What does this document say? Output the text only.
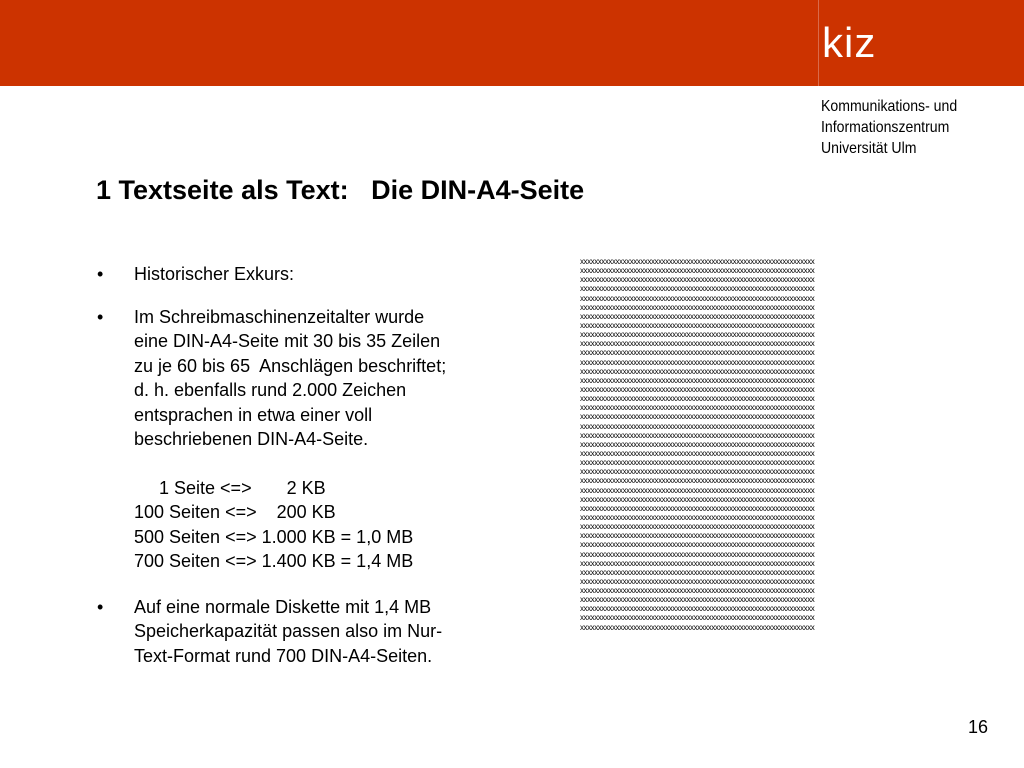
kiz
Kommunikations- und
Informationszentrum
Universität Ulm
1 Textseite als Text:   Die DIN-A4-Seite
• Historischer Exkurs:
• Im Schreibmaschinenzeitalter wurde
eine DIN-A4-Seite mit 30 bis 35 Zeilen
zu je 60 bis 65  Anschlägen beschriftet;
d. h. ebenfalls rund 2.000 Zeichen
entsprachen in etwa einer voll
beschriebenen DIN-A4-Seite.
1 Seite <=>       2 KB
100 Seiten <=>    200 KB
500 Seiten <=> 1.000 KB = 1,0 MB
700 Seiten <=> 1.400 KB = 1,4 MB
• Auf eine normale Diskette mit 1,4 MB
Speicherkapazität passen also im Nur-
Text-Format rund 700 DIN-A4-Seiten.
xxxxxxxxxxxxxxxxxxxxxxxxxxxxxxxxxxxxxxxxxxxxxxxxxxxxxxxxxxxxxxxxxx
xxxxxxxxxxxxxxxxxxxxxxxxxxxxxxxxxxxxxxxxxxxxxxxxxxxxxxxxxxxxxxxxxx
xxxxxxxxxxxxxxxxxxxxxxxxxxxxxxxxxxxxxxxxxxxxxxxxxxxxxxxxxxxxxxxxxx
xxxxxxxxxxxxxxxxxxxxxxxxxxxxxxxxxxxxxxxxxxxxxxxxxxxxxxxxxxxxxxxxxx
xxxxxxxxxxxxxxxxxxxxxxxxxxxxxxxxxxxxxxxxxxxxxxxxxxxxxxxxxxxxxxxxxx
xxxxxxxxxxxxxxxxxxxxxxxxxxxxxxxxxxxxxxxxxxxxxxxxxxxxxxxxxxxxxxxxxx
xxxxxxxxxxxxxxxxxxxxxxxxxxxxxxxxxxxxxxxxxxxxxxxxxxxxxxxxxxxxxxxxxx
xxxxxxxxxxxxxxxxxxxxxxxxxxxxxxxxxxxxxxxxxxxxxxxxxxxxxxxxxxxxxxxxxx
xxxxxxxxxxxxxxxxxxxxxxxxxxxxxxxxxxxxxxxxxxxxxxxxxxxxxxxxxxxxxxxxxx
xxxxxxxxxxxxxxxxxxxxxxxxxxxxxxxxxxxxxxxxxxxxxxxxxxxxxxxxxxxxxxxxxx
xxxxxxxxxxxxxxxxxxxxxxxxxxxxxxxxxxxxxxxxxxxxxxxxxxxxxxxxxxxxxxxxxx
xxxxxxxxxxxxxxxxxxxxxxxxxxxxxxxxxxxxxxxxxxxxxxxxxxxxxxxxxxxxxxxxxx
xxxxxxxxxxxxxxxxxxxxxxxxxxxxxxxxxxxxxxxxxxxxxxxxxxxxxxxxxxxxxxxxxx
xxxxxxxxxxxxxxxxxxxxxxxxxxxxxxxxxxxxxxxxxxxxxxxxxxxxxxxxxxxxxxxxxx
xxxxxxxxxxxxxxxxxxxxxxxxxxxxxxxxxxxxxxxxxxxxxxxxxxxxxxxxxxxxxxxxxx
xxxxxxxxxxxxxxxxxxxxxxxxxxxxxxxxxxxxxxxxxxxxxxxxxxxxxxxxxxxxxxxxxx
xxxxxxxxxxxxxxxxxxxxxxxxxxxxxxxxxxxxxxxxxxxxxxxxxxxxxxxxxxxxxxxxxx
xxxxxxxxxxxxxxxxxxxxxxxxxxxxxxxxxxxxxxxxxxxxxxxxxxxxxxxxxxxxxxxxxx
xxxxxxxxxxxxxxxxxxxxxxxxxxxxxxxxxxxxxxxxxxxxxxxxxxxxxxxxxxxxxxxxxx
xxxxxxxxxxxxxxxxxxxxxxxxxxxxxxxxxxxxxxxxxxxxxxxxxxxxxxxxxxxxxxxxxx
xxxxxxxxxxxxxxxxxxxxxxxxxxxxxxxxxxxxxxxxxxxxxxxxxxxxxxxxxxxxxxxxxx
xxxxxxxxxxxxxxxxxxxxxxxxxxxxxxxxxxxxxxxxxxxxxxxxxxxxxxxxxxxxxxxxxx
xxxxxxxxxxxxxxxxxxxxxxxxxxxxxxxxxxxxxxxxxxxxxxxxxxxxxxxxxxxxxxxxxx
xxxxxxxxxxxxxxxxxxxxxxxxxxxxxxxxxxxxxxxxxxxxxxxxxxxxxxxxxxxxxxxxxx
xxxxxxxxxxxxxxxxxxxxxxxxxxxxxxxxxxxxxxxxxxxxxxxxxxxxxxxxxxxxxxxxxx
xxxxxxxxxxxxxxxxxxxxxxxxxxxxxxxxxxxxxxxxxxxxxxxxxxxxxxxxxxxxxxxxxx
xxxxxxxxxxxxxxxxxxxxxxxxxxxxxxxxxxxxxxxxxxxxxxxxxxxxxxxxxxxxxxxxxx
xxxxxxxxxxxxxxxxxxxxxxxxxxxxxxxxxxxxxxxxxxxxxxxxxxxxxxxxxxxxxxxxxx
xxxxxxxxxxxxxxxxxxxxxxxxxxxxxxxxxxxxxxxxxxxxxxxxxxxxxxxxxxxxxxxxxx
xxxxxxxxxxxxxxxxxxxxxxxxxxxxxxxxxxxxxxxxxxxxxxxxxxxxxxxxxxxxxxxxxx
xxxxxxxxxxxxxxxxxxxxxxxxxxxxxxxxxxxxxxxxxxxxxxxxxxxxxxxxxxxxxxxxxx
xxxxxxxxxxxxxxxxxxxxxxxxxxxxxxxxxxxxxxxxxxxxxxxxxxxxxxxxxxxxxxxxxx
xxxxxxxxxxxxxxxxxxxxxxxxxxxxxxxxxxxxxxxxxxxxxxxxxxxxxxxxxxxxxxxxxx
xxxxxxxxxxxxxxxxxxxxxxxxxxxxxxxxxxxxxxxxxxxxxxxxxxxxxxxxxxxxxxxxxx
xxxxxxxxxxxxxxxxxxxxxxxxxxxxxxxxxxxxxxxxxxxxxxxxxxxxxxxxxxxxxxxxxx
xxxxxxxxxxxxxxxxxxxxxxxxxxxxxxxxxxxxxxxxxxxxxxxxxxxxxxxxxxxxxxxxxx
xxxxxxxxxxxxxxxxxxxxxxxxxxxxxxxxxxxxxxxxxxxxxxxxxxxxxxxxxxxxxxxxxx
xxxxxxxxxxxxxxxxxxxxxxxxxxxxxxxxxxxxxxxxxxxxxxxxxxxxxxxxxxxxxxxxxx
xxxxxxxxxxxxxxxxxxxxxxxxxxxxxxxxxxxxxxxxxxxxxxxxxxxxxxxxxxxxxxxxxx
xxxxxxxxxxxxxxxxxxxxxxxxxxxxxxxxxxxxxxxxxxxxxxxxxxxxxxxxxxxxxxxxxx
xxxxxxxxxxxxxxxxxxxxxxxxxxxxxxxxxxxxxxxxxxxxxxxxxxxxxxxxxxxxxxxxxx
16
